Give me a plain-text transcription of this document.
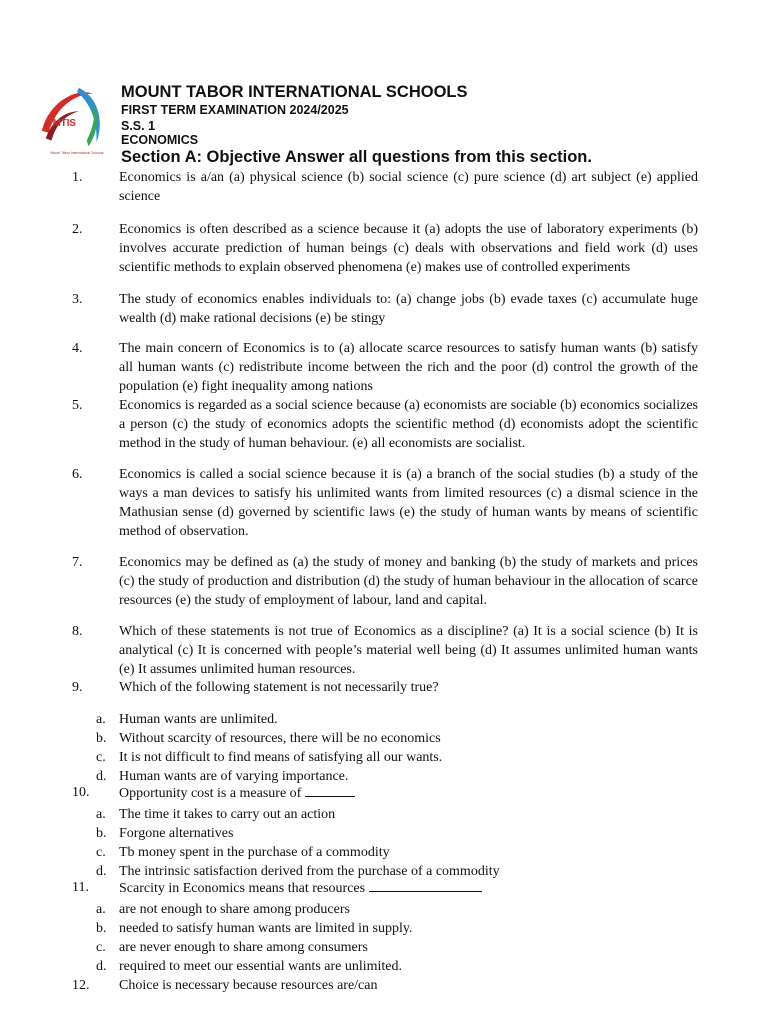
MTIS
Mount Tabor International Schools
MOUNT TABOR INTERNATIONAL SCHOOLS
FIRST TERM EXAMINATION 2024/2025
S.S. 1
ECONOMICS
Section A: Objective Answer all questions from this section.
1.	Economics is a/an (a) physical science (b) social science (c) pure science (d) art subject (e) applied science
2.	Economics is often described as a science because it (a) adopts the use of laboratory experiments (b) involves accurate prediction of human beings (c) deals with observations and field work (d) uses scientific methods to explain observed phenomena (e) makes use of controlled experiments
3.	The study of economics enables individuals to: (a) change jobs (b) evade taxes (c) accumulate huge wealth (d) make rational decisions (e) be stingy
4.	The main concern of Economics is to (a) allocate scarce resources to satisfy human wants (b) satisfy all human wants (c) redistribute income between the rich and the poor (d) control the growth of the population (e) fight inequality among nations
5.	Economics is regarded as a social science because (a) economists are sociable (b) economics socializes a person (c) the study of economics adopts the scientific method (d) economists adopt the scientific method in the study of human behaviour. (e) all economists are socialist.
6.	Economics is called a social science because it is (a) a branch of the social studies (b) a study of the ways a man devices to satisfy his unlimited wants from limited resources (c) a dismal science in the Mathusian sense (d) governed by scientific laws (e) the study of human wants by means of scientific method of observation.
7.	Economics may be defined as (a) the study of money and banking (b) the study of markets and prices (c) the study of production and distribution (d) the study of human behaviour in the allocation of scarce resources (e) the study of employment of labour, land and capital.
8.	Which of these statements is not true of Economics as a discipline? (a) It is a social science (b) It is analytical (c) It is concerned with people’s material well being (d) It assumes unlimited human wants (e) It assumes unlimited human resources.
9.	Which of the following statement is not necessarily true?
a. Human wants are unlimited.
b. Without scarcity of resources, there will be no economics
c. It is not difficult to find means of satisfying all our wants.
d. Human wants are of varying importance.
10. Opportunity cost is a measure of
a. The time it takes to carry out an action
b. Forgone alternatives
c. Tb money spent in the purchase of a commodity
d. The intrinsic satisfaction derived from the purchase of a commodity
11. Scarcity in Economics means that resources
a. are not enough to share among producers
b. needed to satisfy human wants are limited in supply.
c. are never enough to share among consumers
d. required to meet our essential wants are unlimited.
12. Choice is necessary because resources are/can
